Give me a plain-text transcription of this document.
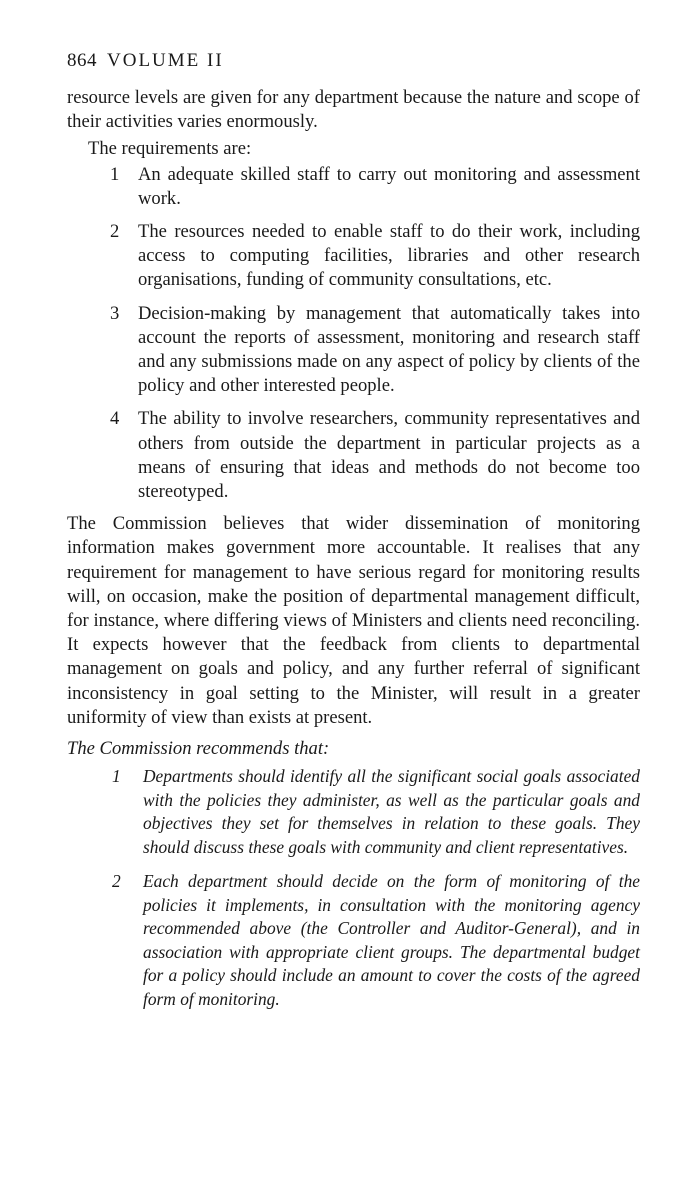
864 VOLUME II

resource levels are given for any department because the nature and scope of their activities varies enormously.

The requirements are:

1 An adequate skilled staff to carry out monitoring and assessment work.
2 The resources needed to enable staff to do their work, including access to computing facilities, libraries and other research organisations, funding of community consultations, etc.
3 Decision-making by management that automatically takes into account the reports of assessment, monitoring and research staff and any submissions made on any aspect of policy by clients of the policy and other interested people.
4 The ability to involve researchers, community representatives and others from outside the department in particular projects as a means of ensuring that ideas and methods do not become too stereotyped.

The Commission believes that wider dissemination of monitoring information makes government more accountable. It realises that any requirement for management to have serious regard for monitoring results will, on occasion, make the position of departmental management difficult, for instance, where differing views of Ministers and clients need reconciling. It expects however that the feedback from clients to departmental management on goals and policy, and any further referral of significant inconsistency in goal setting to the Minister, will result in a greater uniformity of view than exists at present.

The Commission recommends that:
1 Departments should identify all the significant social goals associated with the policies they administer, as well as the particular goals and objectives they set for themselves in relation to these goals. They should discuss these goals with community and client representatives.
2 Each department should decide on the form of monitoring of the policies it implements, in consultation with the monitoring agency recommended above (the Controller and Auditor-General), and in association with appropriate client groups. The departmental budget for a policy should include an amount to cover the costs of the agreed form of monitoring.
